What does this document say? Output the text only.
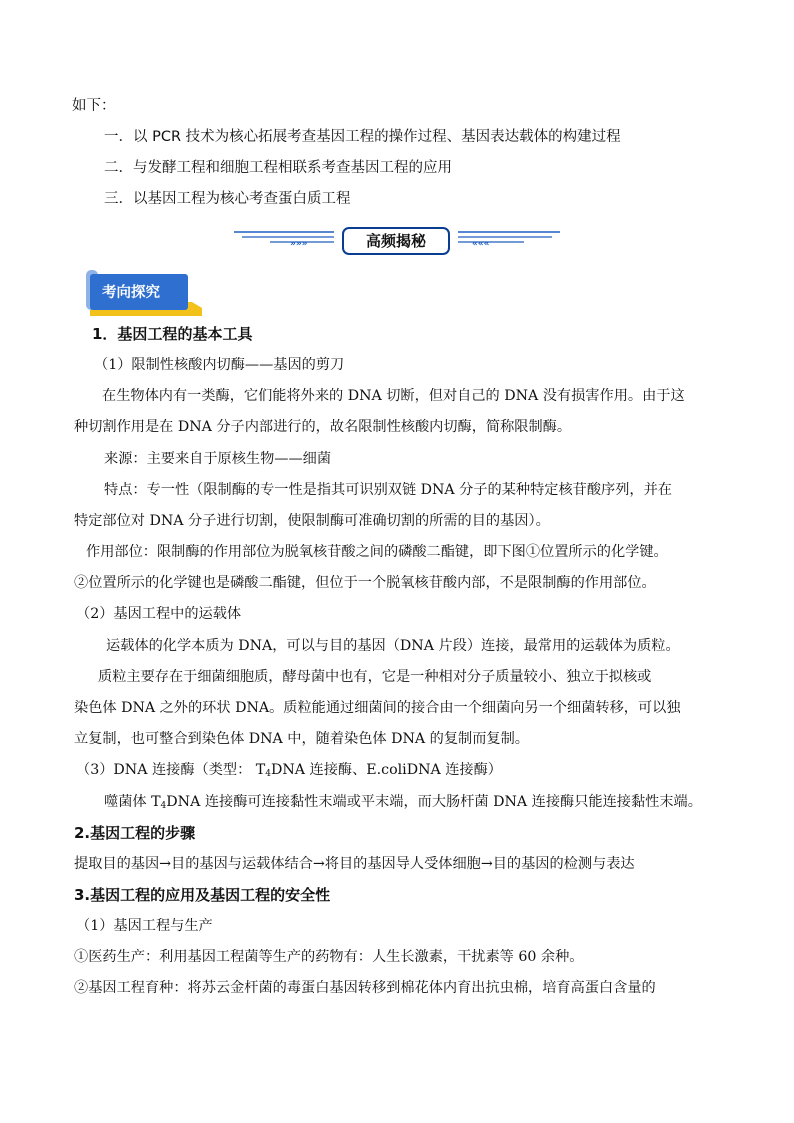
如下：
一．以 PCR 技术为核心拓展考查基因工程的操作过程、基因表达载体的构建过程
二．与发酵工程和细胞工程相联系考查基因工程的应用
三．以基因工程为核心考查蛋白质工程
»»»	«««
高频揭秘
考向探究
1．基因工程的基本工具
（1）限制性核酸内切酶——基因的剪刀
在生物体内有一类酶，它们能将外来的 DNA 切断，但对自己的 DNA 没有损害作用。由于这
种切割作用是在 DNA 分子内部进行的，故名限制性核酸内切酶，简称限制酶。
来源：主要来自于原核生物——细菌
特点：专一性（限制酶的专一性是指其可识别双链 DNA 分子的某种特定核苷酸序列，并在
特定部位对 DNA 分子进行切割，使限制酶可准确切割的所需的目的基因）。
作用部位：限制酶的作用部位为脱氧核苷酸之间的磷酸二酯键，即下图①位置所示的化学键。
②位置所示的化学键也是磷酸二酯键，但位于一个脱氧核苷酸内部，不是限制酶的作用部位。
（2）基因工程中的运载体
运载体的化学本质为 DNA，可以与目的基因（DNA 片段）连接，最常用的运载体为质粒。
质粒主要存在于细菌细胞质，酵母菌中也有，它是一种相对分子质量较小、独立于拟核或
染色体 DNA 之外的环状 DNA。质粒能通过细菌间的接合由一个细菌向另一个细菌转移，可以独
立复制，也可整合到染色体 DNA 中，随着染色体 DNA 的复制而复制。
（3）DNA 连接酶（类型： $T_4DNA$ 连接酶、E.coliDNA 连接酶）
噬菌体 $T_4DNA$ 连接酶可连接黏性末端或平末端，而大肠杆菌 DNA 连接酶只能连接黏性末端。
2.基因工程的步骤
提取目的基因→目的基因与运载体结合→将目的基因导人受体细胞→目的基因的检测与表达
3.基因工程的应用及基因工程的安全性
（1）基因工程与生产
①医药生产：利用基因工程菌等生产的药物有：人生长激素，干扰素等 60 余种。
②基因工程育种：将苏云金杆菌的毒蛋白基因转移到棉花体内育出抗虫棉，培育高蛋白含量的
